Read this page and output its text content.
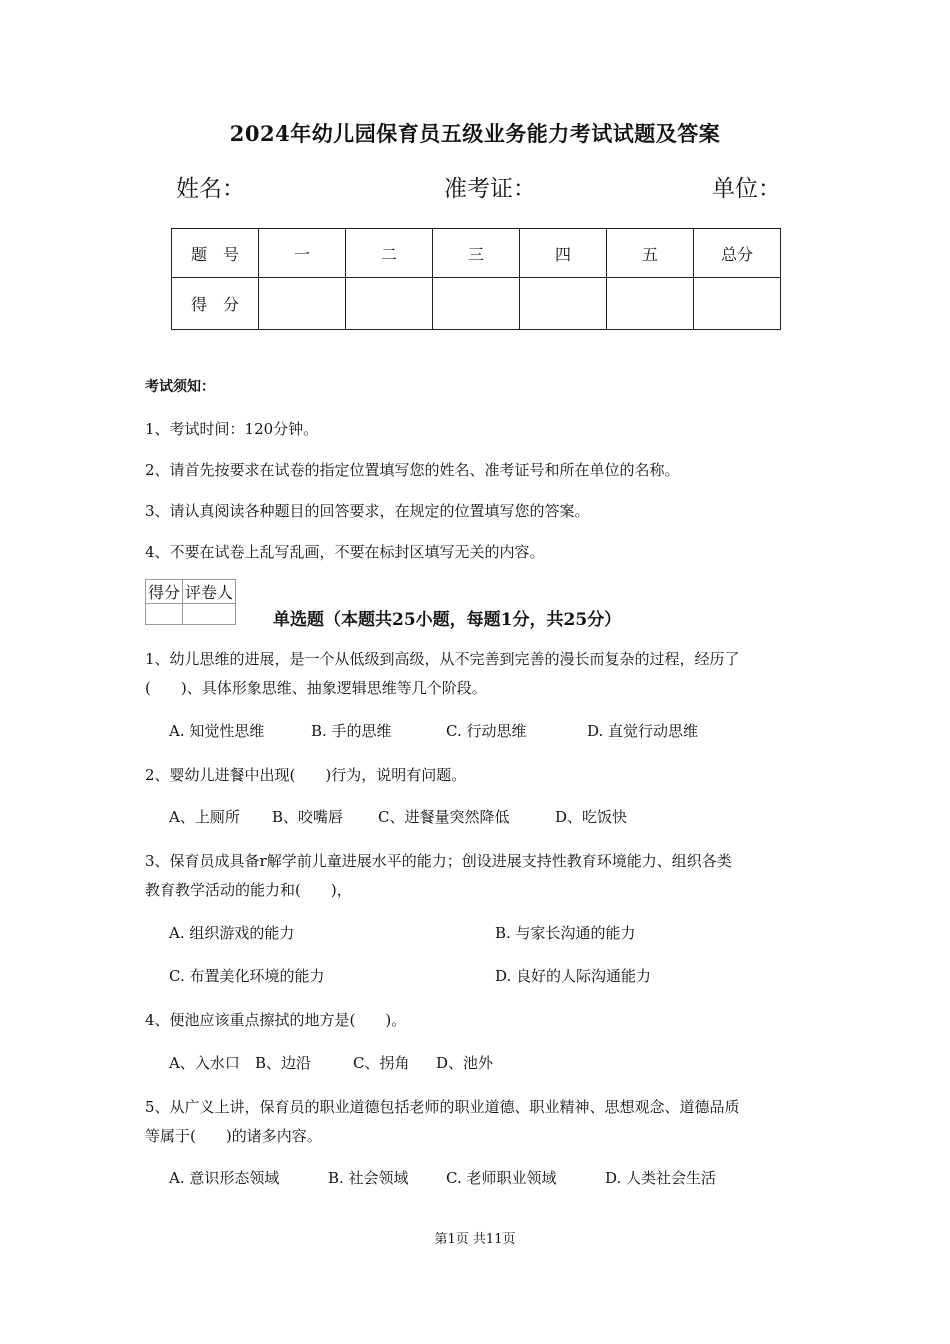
2024年幼儿园保育员五级业务能力考试试题及答案
姓名：	准考证：	单位：
题　号	一	二	三	四	五	总分
得　分						
考试须知：
1、考试时间：120分钟。
2、请首先按要求在试卷的指定位置填写您的姓名、准考证号和所在单位的名称。
3、请认真阅读各种题目的回答要求，在规定的位置填写您的答案。
4、不要在试卷上乱写乱画，不要在标封区填写无关的内容。
得分	评卷人

单选题（本题共25小题，每题1分，共25分）
1、幼儿思维的进展，是一个从低级到高级，从不完善到完善的漫长而复杂的过程，经历了
(　　)、具体形象思维、抽象逻辑思维等几个阶段。
A. 知觉性思维	B. 手的思维	C. 行动思维	D. 直觉行动思维
2、婴幼儿进餐中出现(　　)行为，说明有问题。
A、上厕所 B、咬嘴唇 C、进餐量突然降低	D、吃饭快
3、保育员成具备r解学前儿童进展水平的能力；创设进展支持性教育环境能力、组织各类
教育教学活动的能力和(　　)，
A. 组织游戏的能力	B. 与家长沟通的能力
C. 布置美化环境的能力	D. 良好的人际沟通能力
4、便池应该重点擦拭的地方是(　　)。
A、入水口 B、边沿	C、拐角 D、池外
5、从广义上讲，保育员的职业道德包括老师的职业道德、职业精神、思想观念、道德品质
等属于(　　)的诸多内容。
A. 意识形态领域	B. 社会领域 C. 老师职业领域	D. 人类社会生活
第1页 共11页
